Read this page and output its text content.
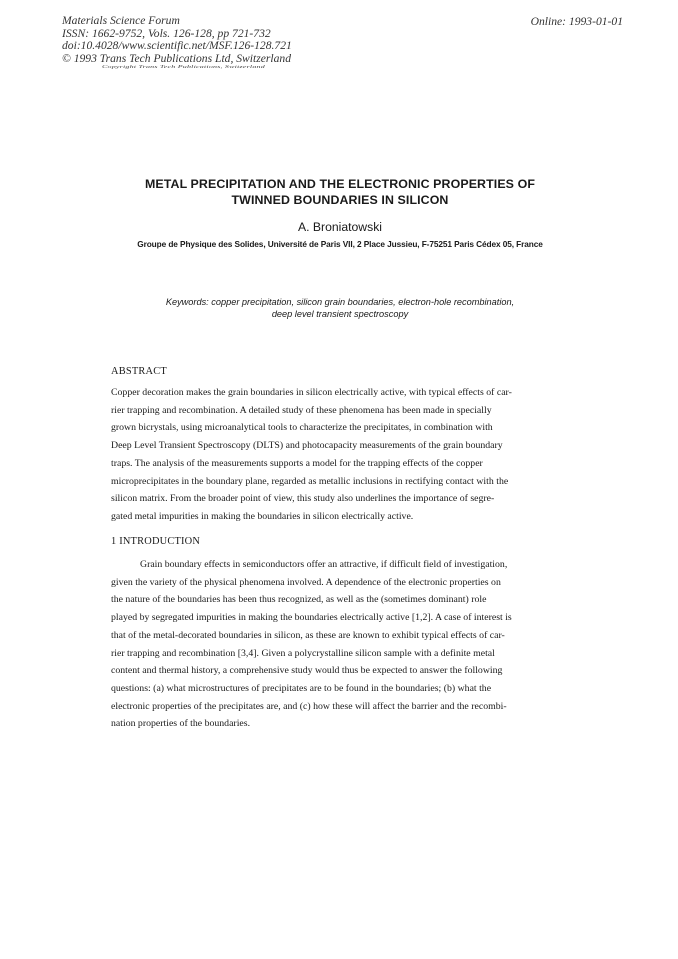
Materials Science Forum
ISSN: 1662-9752, Vols. 126-128, pp 721-732
doi:10.4028/www.scientific.net/MSF.126-128.721
© 1993 Trans Tech Publications Ltd, Switzerland
Online: 1993-01-01
Copyright Trans Tech Publications, Switzerland
METAL PRECIPITATION AND THE ELECTRONIC PROPERTIES OF
TWINNED BOUNDARIES IN SILICON
A. Broniatowski
Groupe de Physique des Solides, Université de Paris VII, 2 Place Jussieu, F-75251 Paris Cédex 05, France
Keywords: copper precipitation, silicon grain boundaries, electron-hole recombination,
deep level transient spectroscopy
ABSTRACT
Copper decoration makes the grain boundaries in silicon electrically active, with typical effects of car-
rier trapping and recombination. A detailed study of these phenomena has been made in specially
grown bicrystals, using microanalytical tools to characterize the precipitates, in combination with
Deep Level Transient Spectroscopy (DLTS) and photocapacity measurements of the grain boundary
traps. The analysis of the measurements supports a model for the trapping effects of the copper
microprecipitates in the boundary plane, regarded as metallic inclusions in rectifying contact with the
silicon matrix. From the broader point of view, this study also underlines the importance of segre-
gated metal impurities in making the boundaries in silicon electrically active.
1 INTRODUCTION
Grain boundary effects in semiconductors offer an attractive, if difficult field of investigation,
given the variety of the physical phenomena involved. A dependence of the electronic properties on
the nature of the boundaries has been thus recognized, as well as the (sometimes dominant) role
played by segregated impurities in making the boundaries electrically active [1,2]. A case of interest is
that of the metal-decorated boundaries in silicon, as these are known to exhibit typical effects of car-
rier trapping and recombination [3,4]. Given a polycrystalline silicon sample with a definite metal
content and thermal history, a comprehensive study would thus be expected to answer the following
questions: (a) what microstructures of precipitates are to be found in the boundaries; (b) what the
electronic properties of the precipitates are, and (c) how these will affect the barrier and the recombi-
nation properties of the boundaries.
